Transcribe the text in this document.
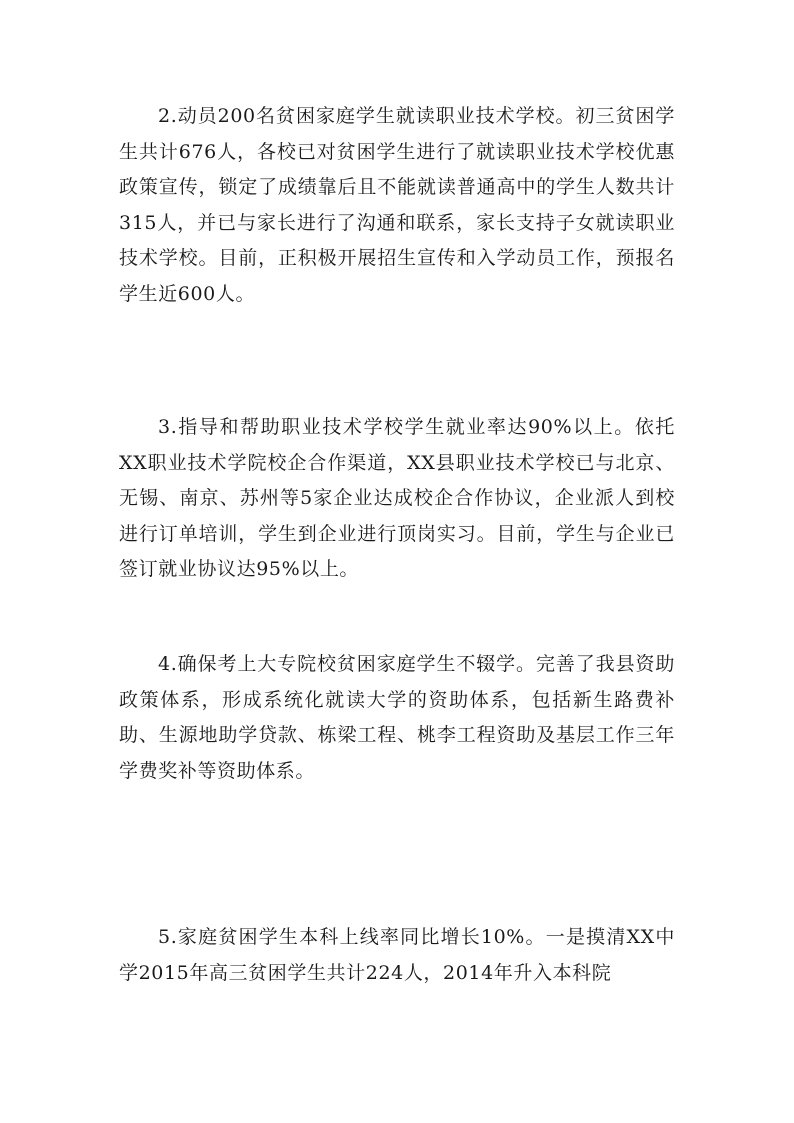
2.动员200名贫困家庭学生就读职业技术学校。初三贫困学生共计676人，各校已对贫困学生进行了就读职业技术学校优惠政策宣传，锁定了成绩靠后且不能就读普通高中的学生人数共计315人，并已与家长进行了沟通和联系，家长支持子女就读职业技术学校。目前，正积极开展招生宣传和入学动员工作，预报名学生近600人。

3.指导和帮助职业技术学校学生就业率达90%以上。依托XX职业技术学院校企合作渠道，XX县职业技术学校已与北京、无锡、南京、苏州等5家企业达成校企合作协议，企业派人到校进行订单培训，学生到企业进行顶岗实习。目前，学生与企业已签订就业协议达95%以上。

4.确保考上大专院校贫困家庭学生不辍学。完善了我县资助政策体系，形成系统化就读大学的资助体系，包括新生路费补助、生源地助学贷款、栋梁工程、桃李工程资助及基层工作三年学费奖补等资助体系。

5.家庭贫困学生本科上线率同比增长10%。一是摸清XX中学2015年高三贫困学生共计224人，2014年升入本科院
